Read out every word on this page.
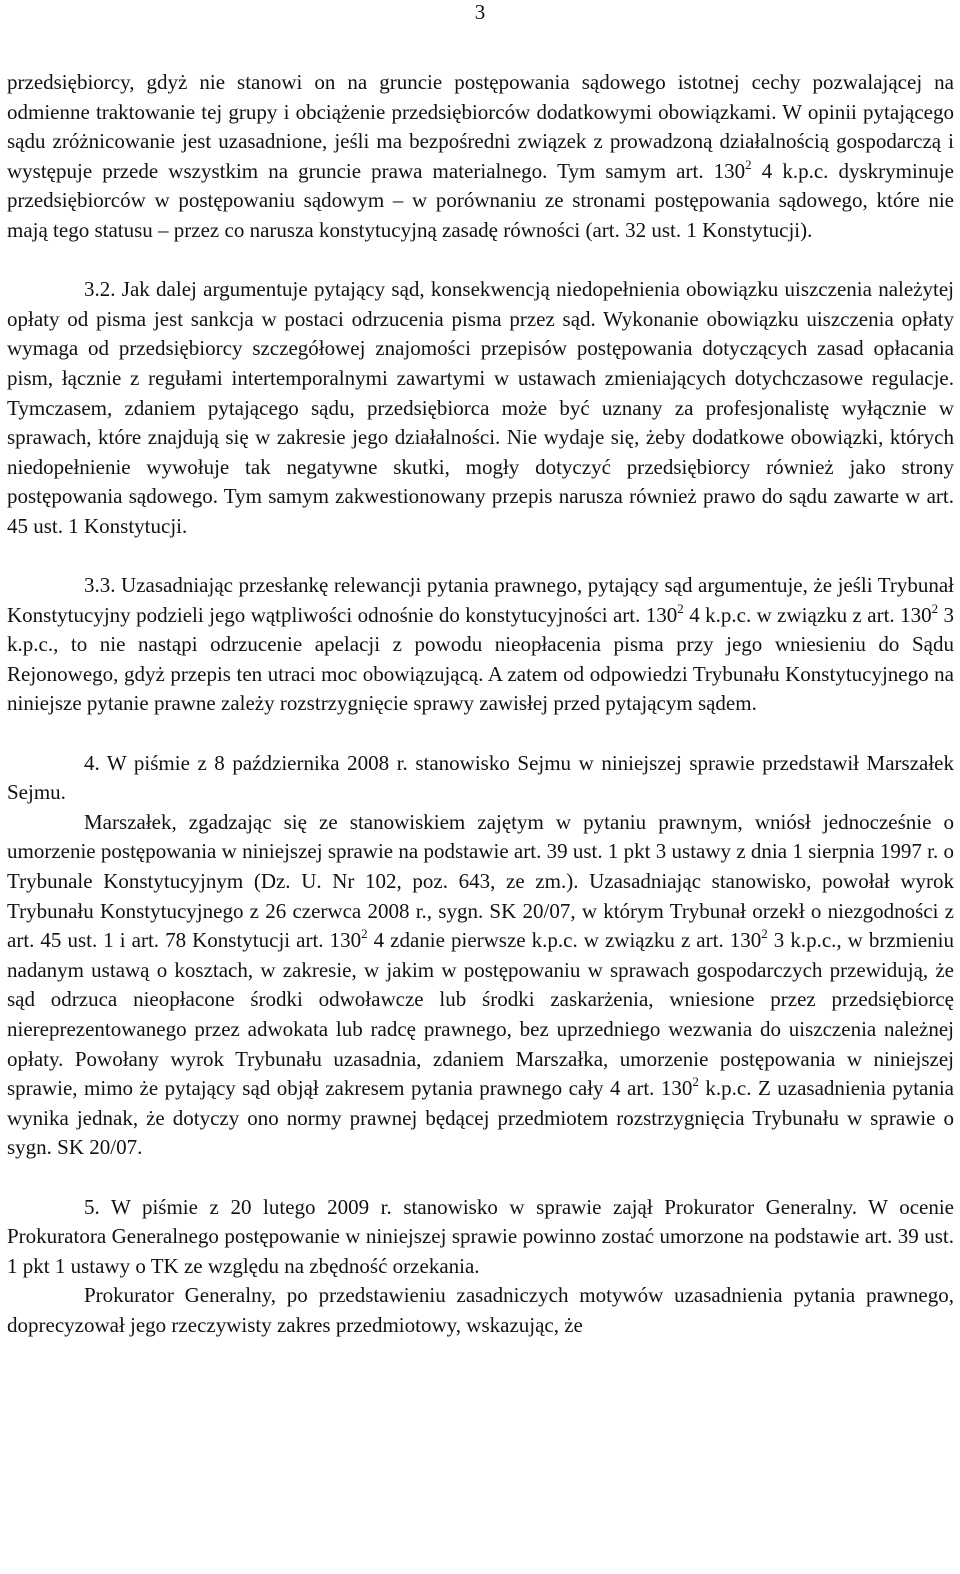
3

przedsiębiorcy, gdyż nie stanowi on na gruncie postępowania sądowego istotnej cechy pozwalającej na odmienne traktowanie tej grupy i obciążenie przedsiębiorców dodatkowymi obowiązkami. W opinii pytającego sądu zróżnicowanie jest uzasadnione, jeśli ma bezpośredni związek z prowadzoną działalnością gospodarczą i występuje przede wszystkim na gruncie prawa materialnego. Tym samym art. $130^2$ 4 k.p.c. dyskryminuje przedsiębiorców w postępowaniu sądowym – w porównaniu ze stronami postępowania sądowego, które nie mają tego statusu – przez co narusza konstytucyjną zasadę równości (art. 32 ust. 1 Konstytucji).

3.2. Jak dalej argumentuje pytający sąd, konsekwencją niedopełnienia obowiązku uiszczenia należytej opłaty od pisma jest sankcja w postaci odrzucenia pisma przez sąd. Wykonanie obowiązku uiszczenia opłaty wymaga od przedsiębiorcy szczegółowej znajomości przepisów postępowania dotyczących zasad opłacania pism, łącznie z regułami intertemporalnymi zawartymi w ustawach zmieniających dotychczasowe regulacje. Tymczasem, zdaniem pytającego sądu, przedsiębiorca może być uznany za profesjonalistę wyłącznie w sprawach, które znajdują się w zakresie jego działalności. Nie wydaje się, żeby dodatkowe obowiązki, których niedopełnienie wywołuje tak negatywne skutki, mogły dotyczyć przedsiębiorcy również jako strony postępowania sądowego. Tym samym zakwestionowany przepis narusza również prawo do sądu zawarte w art. 45 ust. 1 Konstytucji.

3.3. Uzasadniając przesłankę relewancji pytania prawnego, pytający sąd argumentuje, że jeśli Trybunał Konstytucyjny podzieli jego wątpliwości odnośnie do konstytucyjności art. $130^2$ 4 k.p.c. w związku z art. $130^2$ 3 k.p.c., to nie nastąpi odrzucenie apelacji z powodu nieopłacenia pisma przy jego wniesieniu do Sądu Rejonowego, gdyż przepis ten utraci moc obowiązującą. A zatem od odpowiedzi Trybunału Konstytucyjnego na niniejsze pytanie prawne zależy rozstrzygnięcie sprawy zawisłej przed pytającym sądem.

4. W piśmie z 8 października 2008 r. stanowisko Sejmu w niniejszej sprawie przedstawił Marszałek Sejmu.

Marszałek, zgadzając się ze stanowiskiem zajętym w pytaniu prawnym, wniósł jednocześnie o umorzenie postępowania w niniejszej sprawie na podstawie art. 39 ust. 1 pkt 3 ustawy z dnia 1 sierpnia 1997 r. o Trybunale Konstytucyjnym (Dz. U. Nr 102, poz. 643, ze zm.). Uzasadniając stanowisko, powołał wyrok Trybunału Konstytucyjnego z 26 czerwca 2008 r., sygn. SK 20/07, w którym Trybunał orzekł o niezgodności z art. 45 ust. 1 i art. 78 Konstytucji art. $130^2$ 4 zdanie pierwsze k.p.c. w związku z art. $130^2$ 3 k.p.c., w brzmieniu nadanym ustawą o kosztach, w zakresie, w jakim w postępowaniu w sprawach gospodarczych przewidują, że sąd odrzuca nieopłacone środki odwoławcze lub środki zaskarżenia, wniesione przez przedsiębiorcę niereprezentowanego przez adwokata lub radcę prawnego, bez uprzedniego wezwania do uiszczenia należnej opłaty. Powołany wyrok Trybunału uzasadnia, zdaniem Marszałka, umorzenie postępowania w niniejszej sprawie, mimo że pytający sąd objął zakresem pytania prawnego cały 4 art. $130^2$ k.p.c. Z uzasadnienia pytania wynika jednak, że dotyczy ono normy prawnej będącej przedmiotem rozstrzygnięcia Trybunału w sprawie o sygn. SK 20/07.

5. W piśmie z 20 lutego 2009 r. stanowisko w sprawie zajął Prokurator Generalny. W ocenie Prokuratora Generalnego postępowanie w niniejszej sprawie powinno zostać umorzone na podstawie art. 39 ust. 1 pkt 1 ustawy o TK ze względu na zbędność orzekania.

Prokurator Generalny, po przedstawieniu zasadniczych motywów uzasadnienia pytania prawnego, doprecyzował jego rzeczywisty zakres przedmiotowy, wskazując, że
